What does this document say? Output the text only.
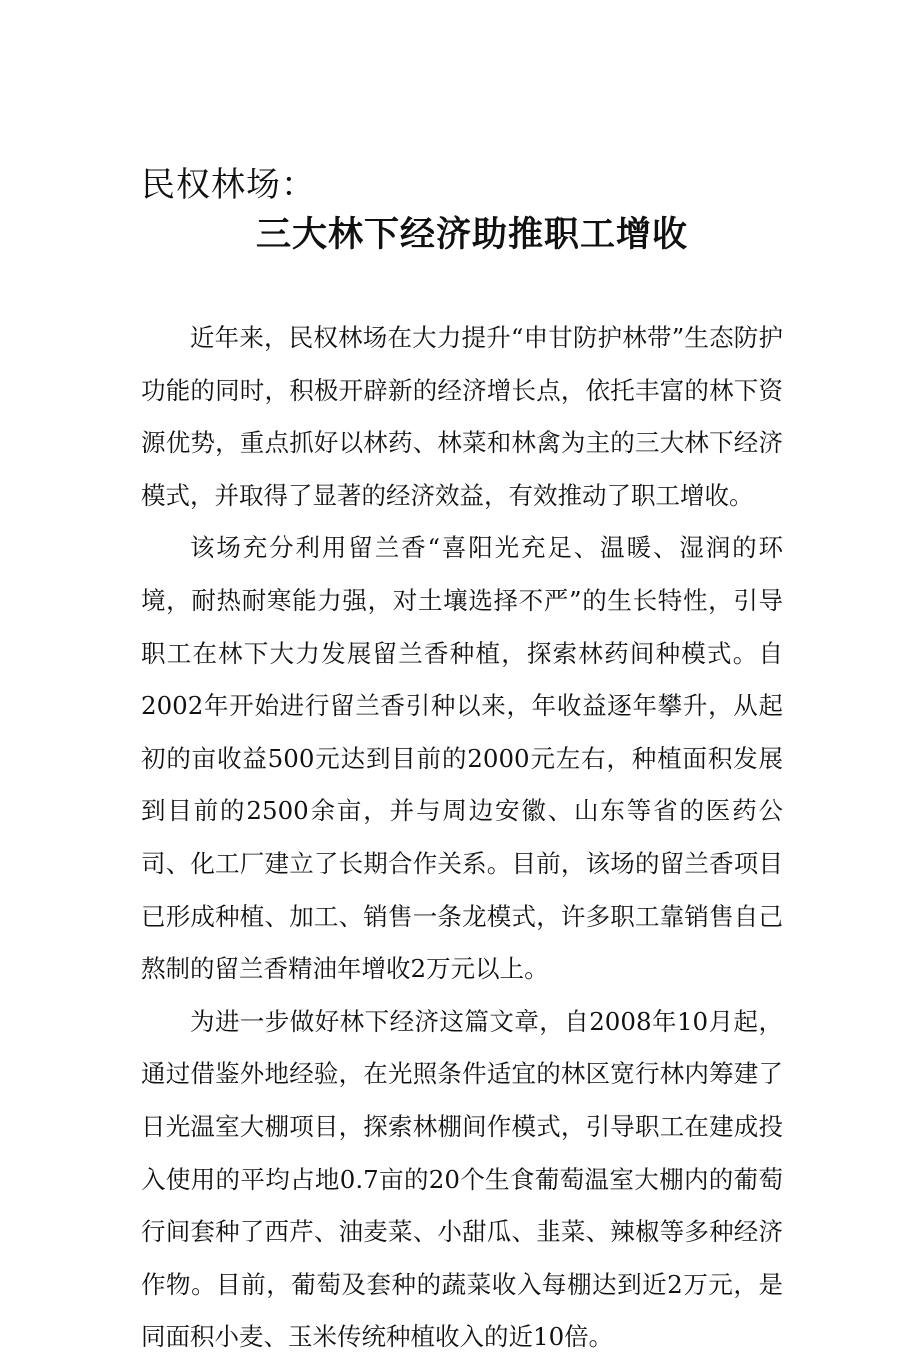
民权林场：
三大林下经济助推职工增收

近年来，民权林场在大力提升“申甘防护林带”生态防护功能的同时，积极开辟新的经济增长点，依托丰富的林下资源优势，重点抓好以林药、林菜和林禽为主的三大林下经济模式，并取得了显著的经济效益，有效推动了职工增收。

该场充分利用留兰香“喜阳光充足、温暖、湿润的环境，耐热耐寒能力强，对土壤选择不严”的生长特性，引导职工在林下大力发展留兰香种植，探索林药间种模式。自2002年开始进行留兰香引种以来，年收益逐年攀升，从起初的亩收益500元达到目前的2000元左右，种植面积发展到目前的2500余亩，并与周边安徽、山东等省的医药公司、化工厂建立了长期合作关系。目前，该场的留兰香项目已形成种植、加工、销售一条龙模式，许多职工靠销售自己熬制的留兰香精油年增收2万元以上。

为进一步做好林下经济这篇文章，自2008年10月起，通过借鉴外地经验，在光照条件适宜的林区宽行林内筹建了日光温室大棚项目，探索林棚间作模式，引导职工在建成投入使用的平均占地0.7亩的20个生食葡萄温室大棚内的葡萄行间套种了西芹、油麦菜、小甜瓜、韭菜、辣椒等多种经济作物。目前，葡萄及套种的蔬菜收入每棚达到近2万元，是同面积小麦、玉米传统种植收入的近10倍。
